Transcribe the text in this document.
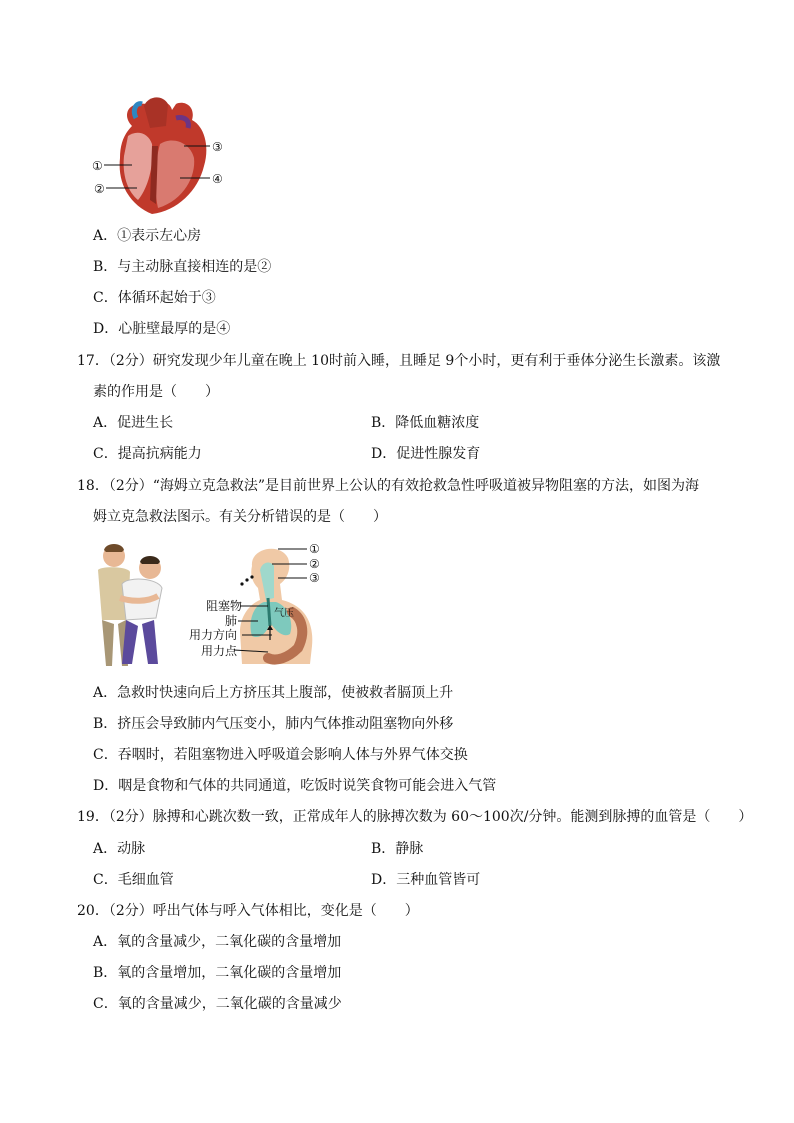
①
②
③
④
A．①表示左心房
B．与主动脉直接相连的是②
C．体循环起始于③
D．心脏壁最厚的是④
17．（2分）研究发现少年儿童在晚上 10时前入睡，且睡足 9个小时，更有利于垂体分泌生长激素。该激
素的作用是（　　）
A．促进生长	B．降低血糖浓度
C．提高抗病能力	D．促进性腺发育
18．（2分）“海姆立克急救法”是目前世界上公认的有效抢救急性呼吸道被异物阻塞的方法，如图为海
姆立克急救法图示。有关分析错误的是（　　）
①
②
③
阻塞物
肺
气压
用力方向
用力点
A．急救时快速向后上方挤压其上腹部，使被救者膈顶上升
B．挤压会导致肺内气压变小，肺内气体推动阻塞物向外移
C．吞咽时，若阻塞物进入呼吸道会影响人体与外界气体交换
D．咽是食物和气体的共同通道，吃饭时说笑食物可能会进入气管
19．（2分）脉搏和心跳次数一致，正常成年人的脉搏次数为 60～100次/分钟。能测到脉搏的血管是（　　）
A．动脉	B．静脉
C．毛细血管	D．三种血管皆可
20．（2分）呼出气体与呼入气体相比，变化是（　　）
A．氧的含量减少，二氧化碳的含量增加
B．氧的含量增加，二氧化碳的含量增加
C．氧的含量减少，二氧化碳的含量减少
